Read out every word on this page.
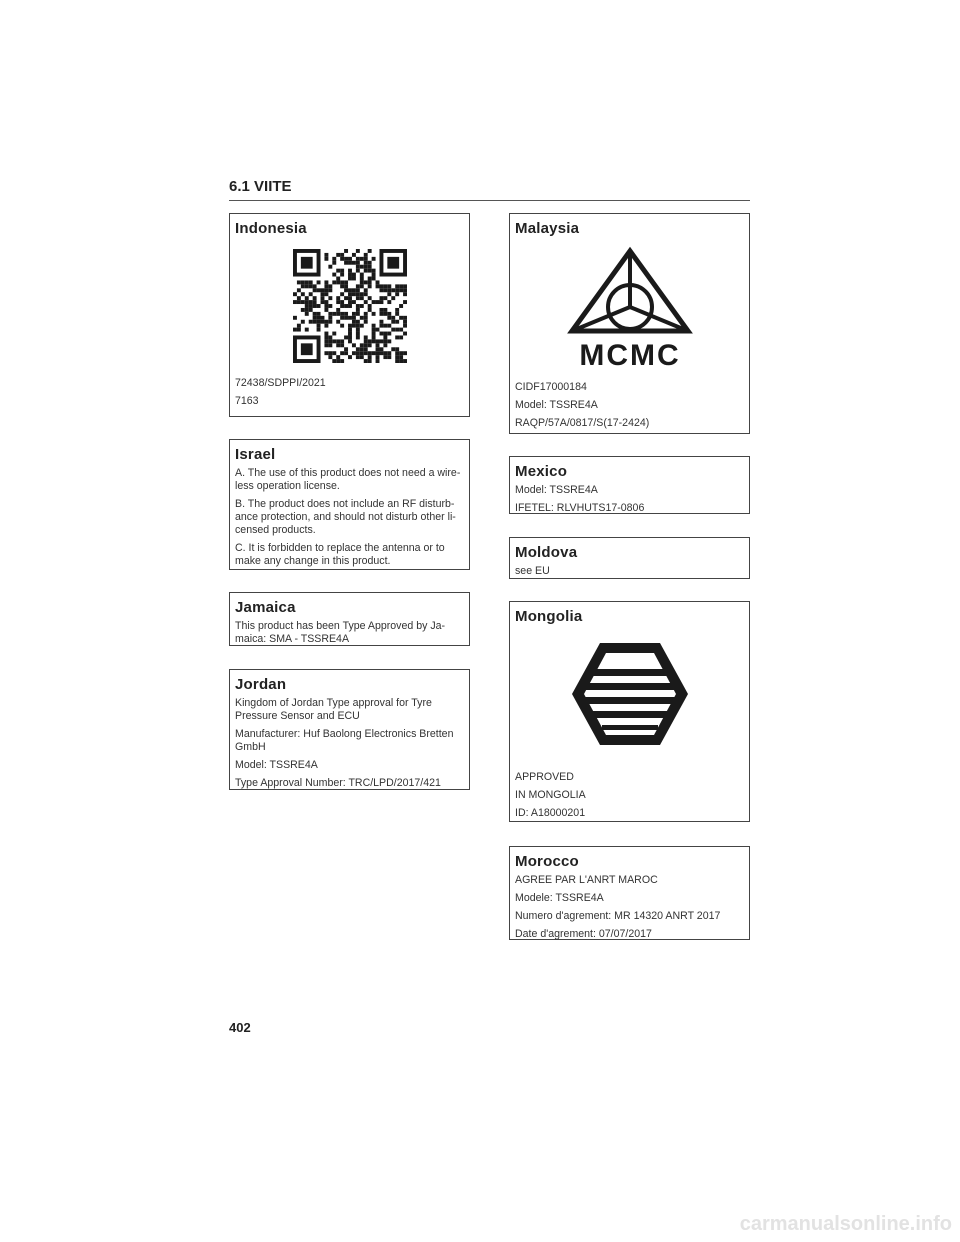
6.1 VIITE
Indonesia

72438/SDPPI/2021

7163

Israel

A. The use of this product does not need a wire-less operation license.

B. The product does not include an RF disturb-ance protection, and should not disturb other li-censed products.

C. It is forbidden to replace the antenna or to make any change in this product.

Jamaica

This product has been Type Approved by Ja-maica: SMA - TSSRE4A

Jordan

Kingdom of Jordan Type approval for Tyre Pressure Sensor and ECU

Manufacturer: Huf Baolong Electronics Bretten GmbH

Model: TSSRE4A

Type Approval Number: TRC/LPD/2017/421

Malaysia
MCMC

CIDF17000184

Model: TSSRE4A

RAQP/57A/0817/S(17-2424)

Mexico

Model: TSSRE4A

IFETEL: RLVHUTS17-0806

Moldova

see EU

Mongolia

APPROVED

IN MONGOLIA

ID: A18000201

Morocco

AGREE PAR L'ANRT MAROC

Modele: TSSRE4A

Numero d'agrement: MR 14320 ANRT 2017

Date d'agrement: 07/07/2017

402
carmanualsonline.info
